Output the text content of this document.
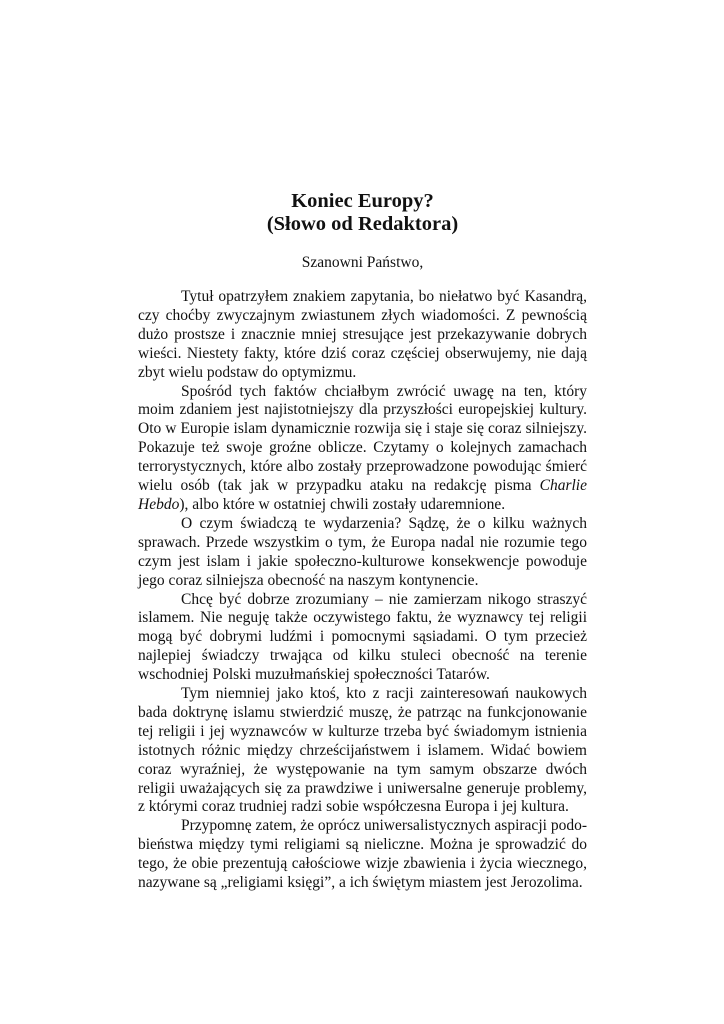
Koniec Europy?
(Słowo od Redaktora)

Szanowni Państwo,

Tytuł opatrzyłem znakiem zapytania, bo niełatwo być Kasandrą, czy choćby zwyczajnym zwiastunem złych wiadomości. Z pewnością dużo prostsze i znacznie mniej stresujące jest przekazywanie dobrych wieści. Niestety fakty, które dziś coraz częściej obserwujemy, nie dają zbyt wielu podstaw do optymizmu.

Spośród tych faktów chciałbym zwrócić uwagę na ten, który moim zdaniem jest najistotniejszy dla przyszłości europejskiej kultury. Oto w Europie islam dynamicznie rozwija się i staje się coraz silniejszy. Pokazuje też swoje groźne oblicze. Czytamy o kolejnych zamachach terrorystycznych, które albo zostały przeprowadzone powodując śmierć wielu osób (tak jak w przypadku ataku na redakcję pisma Charlie Hebdo), albo które w ostatniej chwili zostały udaremnione.

O czym świadczą te wydarzenia? Sądzę, że o kilku ważnych sprawach. Przede wszystkim o tym, że Europa nadal nie rozumie tego czym jest islam i jakie społeczno-kulturowe konsekwencje powoduje jego coraz silniejsza obecność na naszym kontynencie.

Chcę być dobrze zrozumiany – nie zamierzam nikogo straszyć islamem. Nie neguję także oczywistego faktu, że wyznawcy tej religii mogą być dobrymi ludźmi i pomocnymi sąsiadami. O tym przecież najlepiej świadczy trwająca od kilku stuleci obecność na terenie wschodniej Polski muzułmańskiej społeczności Tatarów.

Tym niemniej jako ktoś, kto z racji zainteresowań naukowych bada doktrynę islamu stwierdzić muszę, że patrząc na funkcjonowanie tej religii i jej wyznawców w kulturze trzeba być świadomym istnienia istotnych różnic między chrześcijaństwem i islamem. Widać bowiem coraz wyraźniej, że występowanie na tym samym obszarze dwóch religii uważających się za prawdziwe i uniwersalne generuje problemy, z którymi coraz trudniej radzi sobie współczesna Europa i jej kultura.

Przypomnę zatem, że oprócz uniwersalistycznych aspiracji podobieństwa między tymi religiami są nieliczne. Można je sprowadzić do tego, że obie prezentują całościowe wizje zbawienia i życia wiecznego, nazywane są „religiami księgi”, a ich świętym miastem jest Jerozolima.
